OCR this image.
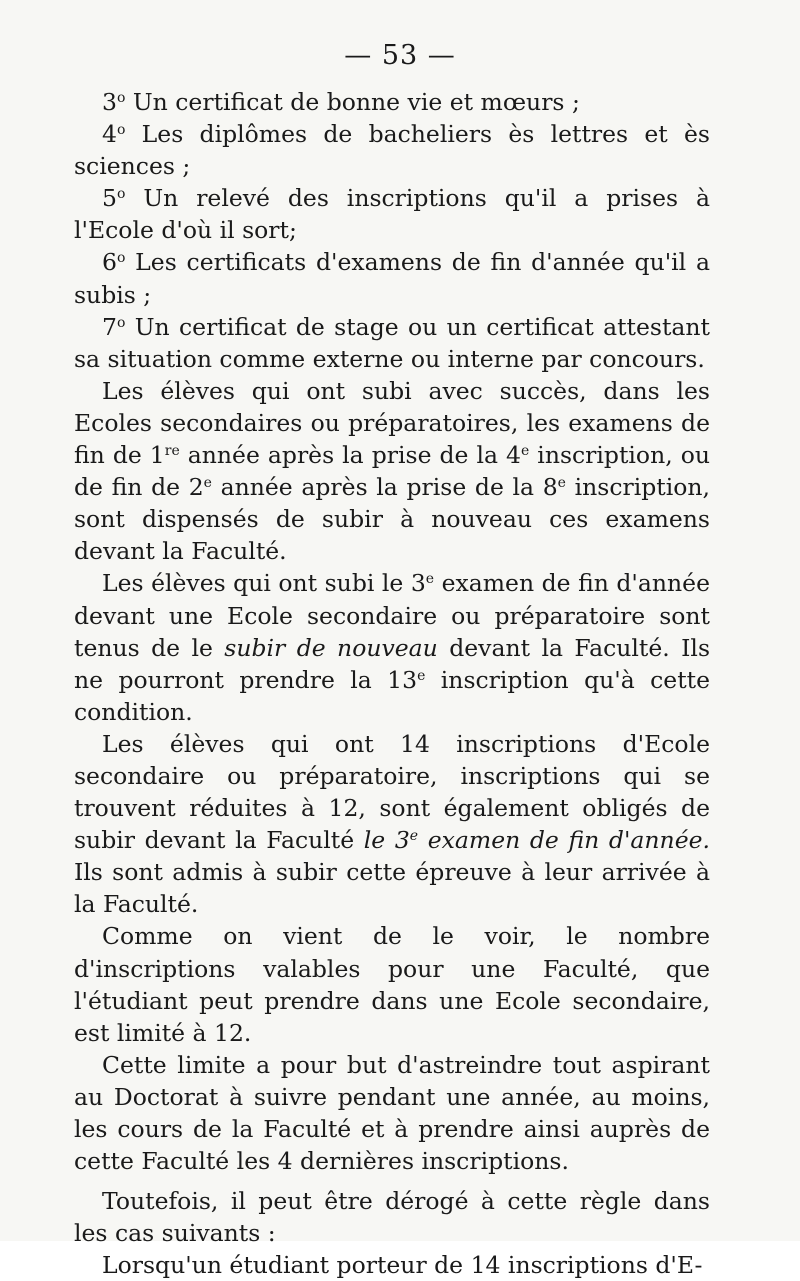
— 53 —

3$^o$ Un certificat de bonne vie et mœurs ;

4$^o$ Les diplômes de bacheliers ès lettres et ès sciences ;

5$^o$ Un relevé des inscriptions qu'il a prises à l'Ecole d'où il sort;

6$^o$ Les certificats d'examens de fin d'année qu'il a subis ;

7$^o$ Un certificat de stage ou un certificat attestant sa situation comme externe ou interne par concours.

Les élèves qui ont subi avec succès, dans les Ecoles secondaires ou préparatoires, les examens de fin de 1re année après la prise de la 4e inscription, ou de fin de 2e année après la prise de la 8e inscription, sont dispensés de subir à nouveau ces examens devant la Faculté.

Les élèves qui ont subi le 3e examen de fin d'année devant une Ecole secondaire ou préparatoire sont tenus de le subir de nouveau devant la Faculté. Ils ne pourront prendre la 13e inscription qu'à cette condition.

Les élèves qui ont 14 inscriptions d'Ecole secondaire ou préparatoire, inscriptions qui se trouvent réduites à 12, sont également obligés de subir devant la Faculté le 3e examen de fin d'année. Ils sont admis à subir cette épreuve à leur arrivée à la Faculté.

Comme on vient de le voir, le nombre d'inscriptions valables pour une Faculté, que l'étudiant peut prendre dans une Ecole secondaire, est limité à 12.

Cette limite a pour but d'astreindre tout aspirant au Doctorat à suivre pendant une année, au moins, les cours de la Faculté et à prendre ainsi auprès de cette Faculté les 4 dernières inscriptions.

Toutefois, il peut être dérogé à cette règle dans les cas suivants :

Lorsqu'un étudiant porteur de 14 inscriptions d'E-
